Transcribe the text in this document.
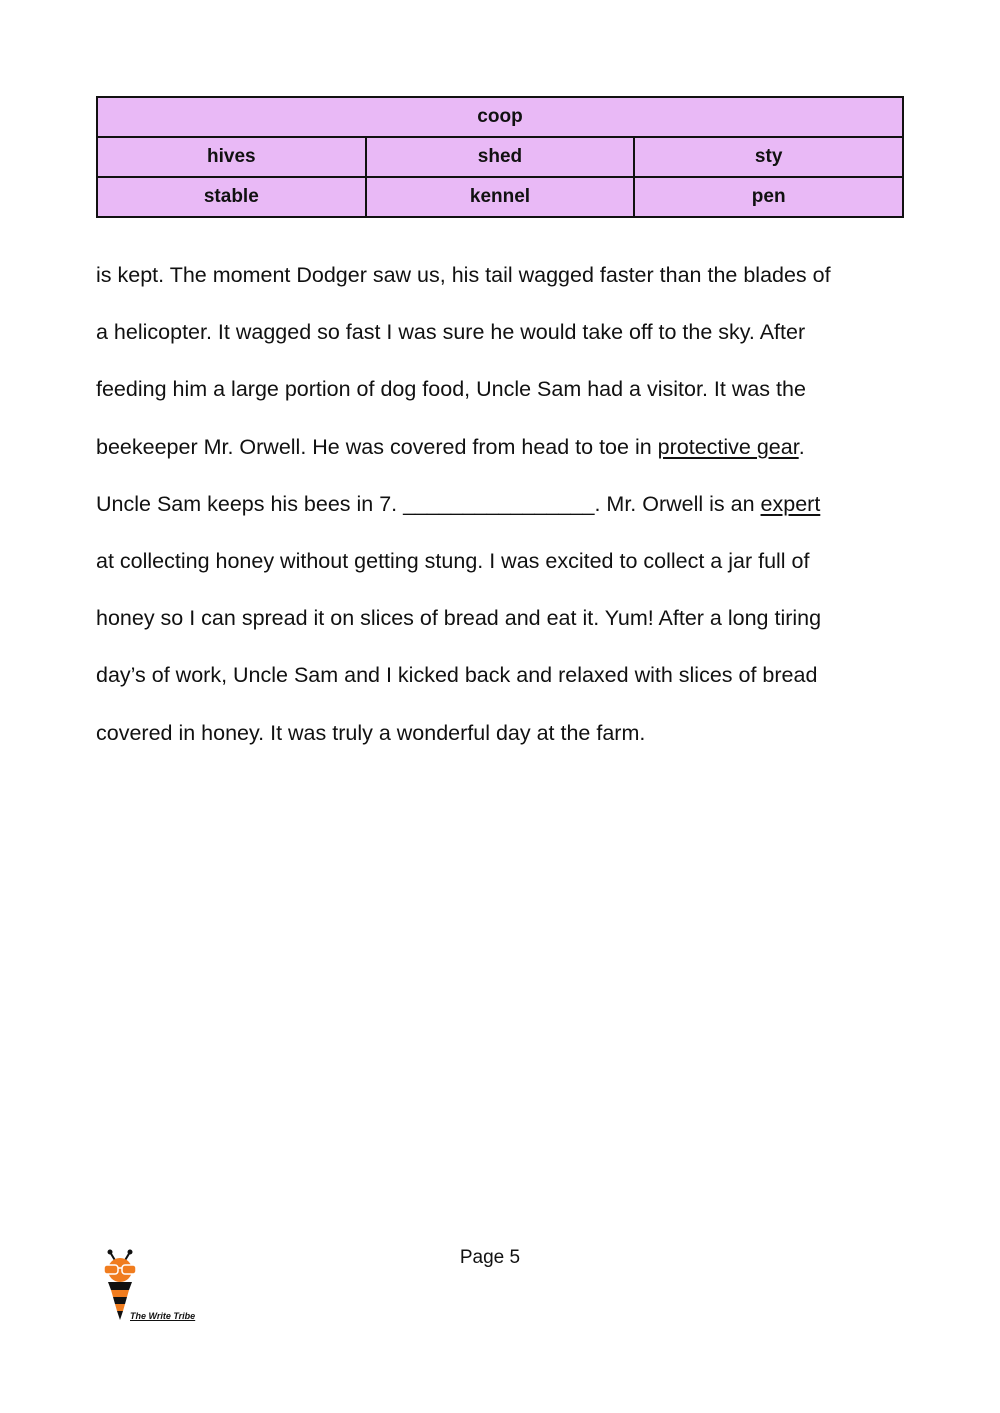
coop		
hives	shed	sty
stable	kennel	pen
is kept. The moment Dodger saw us, his tail wagged faster than the blades of
a helicopter. It wagged so fast I was sure he would take off to the sky. After
feeding him a large portion of dog food, Uncle Sam had a visitor. It was the
beekeeper Mr. Orwell. He was covered from head to toe in protective gear.
Uncle Sam keeps his bees in 7. ________________. Mr. Orwell is an expert
at collecting honey without getting stung. I was excited to collect a jar full of
honey so I can spread it on slices of bread and eat it. Yum! After a long tiring
day’s of work, Uncle Sam and I kicked back and relaxed with slices of bread
covered in honey. It was truly a wonderful day at the farm.
Page 5
The Write Tribe
